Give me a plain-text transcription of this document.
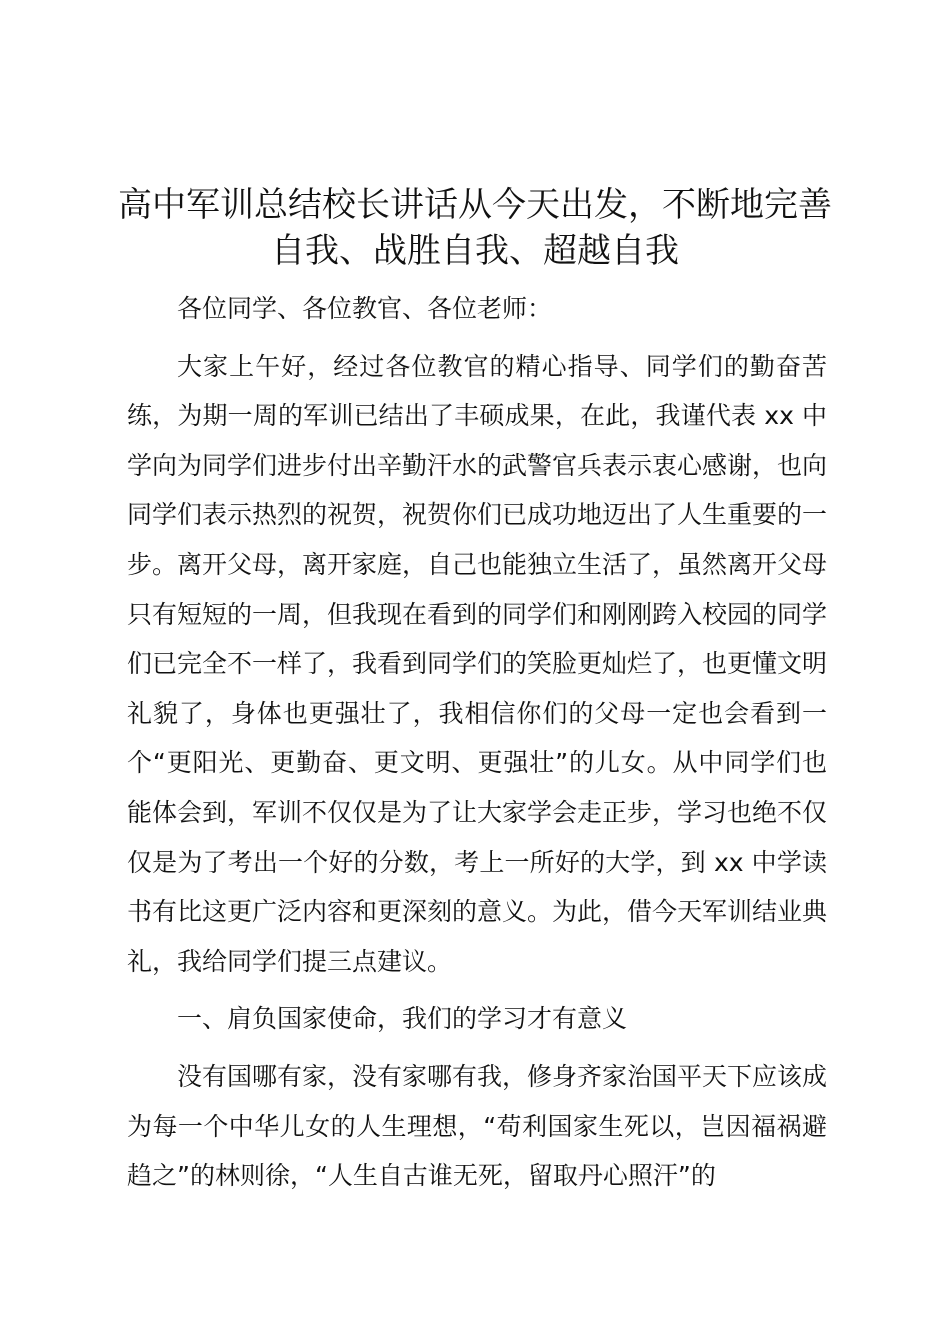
高中军训总结校长讲话从今天出发，不断地完善自我、战胜自我、超越自我

各位同学、各位教官、各位老师：

大家上午好，经过各位教官的精心指导、同学们的勤奋苦练，为期一周的军训已结出了丰硕成果，在此，我谨代表 xx 中学向为同学们进步付出辛勤汗水的武警官兵表示衷心感谢，也向同学们表示热烈的祝贺，祝贺你们已成功地迈出了人生重要的一步。离开父母，离开家庭，自己也能独立生活了，虽然离开父母只有短短的一周，但我现在看到的同学们和刚刚跨入校园的同学们已完全不一样了，我看到同学们的笑脸更灿烂了，也更懂文明礼貌了，身体也更强壮了，我相信你们的父母一定也会看到一个“更阳光、更勤奋、更文明、更强壮”的儿女。从中同学们也能体会到，军训不仅仅是为了让大家学会走正步，学习也绝不仅仅是为了考出一个好的分数，考上一所好的大学，到 xx 中学读书有比这更广泛内容和更深刻的意义。为此，借今天军训结业典礼，我给同学们提三点建议。

一、肩负国家使命，我们的学习才有意义

没有国哪有家，没有家哪有我，修身齐家治国平天下应该成为每一个中华儿女的人生理想，“苟利国家生死以，岂因福祸避趋之”的林则徐，“人生自古谁无死，留取丹心照汗”的
